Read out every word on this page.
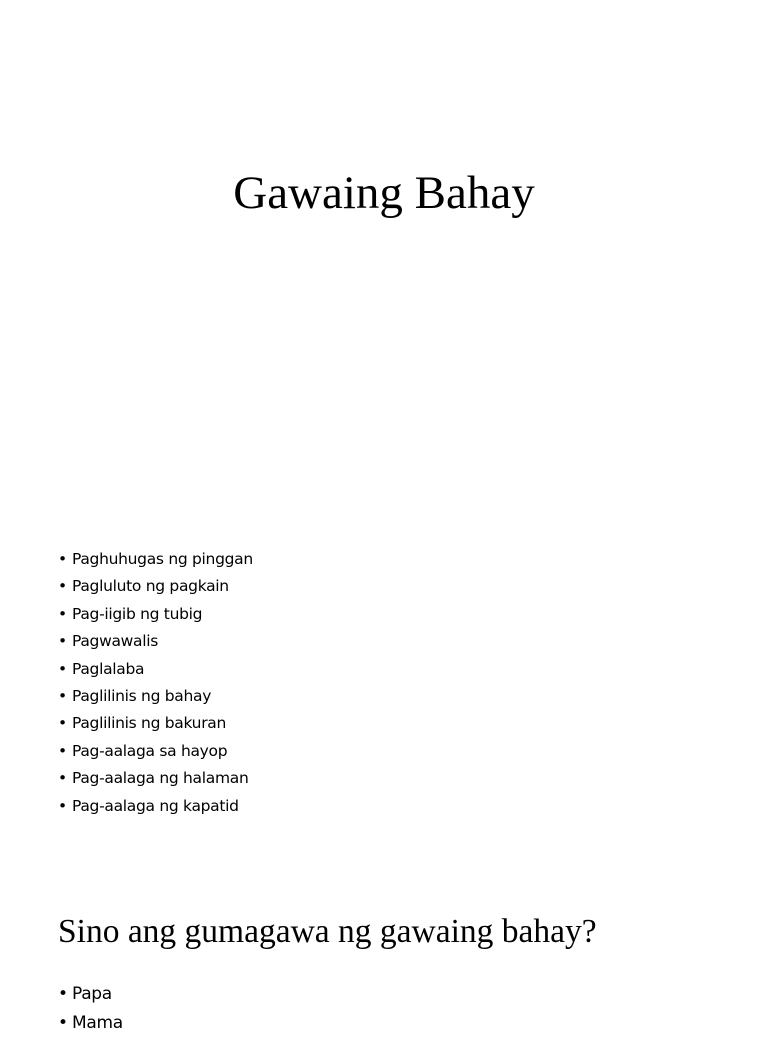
Gawaing Bahay
• Paghuhugas ng pinggan
• Pagluluto ng pagkain
• Pag-iigib ng tubig
• Pagwawalis
• Paglalaba
• Paglilinis ng bahay
• Paglilinis ng bakuran
• Pag-aalaga sa hayop
• Pag-aalaga ng halaman
• Pag-aalaga ng kapatid
Sino ang gumagawa ng gawaing bahay?
• Papa
• Mama
